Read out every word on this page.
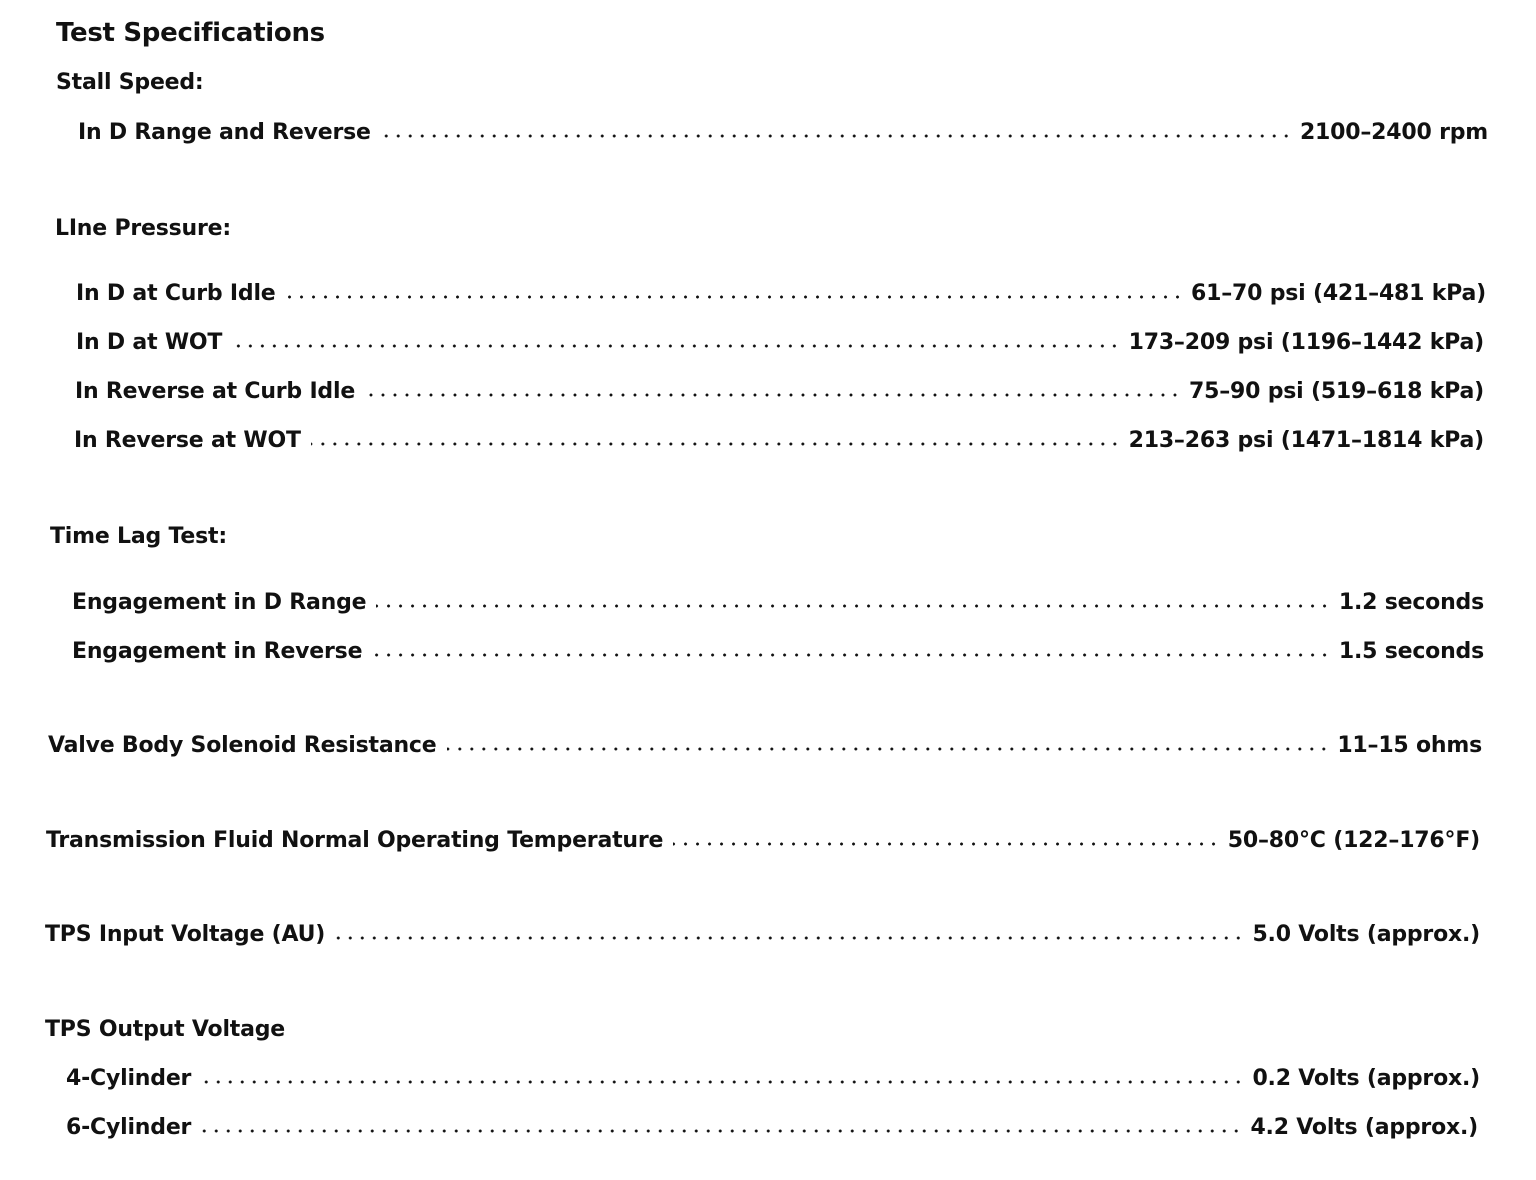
Test Specifications
Stall Speed:
In D Range and Reverse	2100–2400 rpm
LIne Pressure:
In D at Curb Idle	61–70 psi (421–481 kPa)
In D at WOT	173–209 psi (1196–1442 kPa)
In Reverse at Curb Idle	75–90 psi (519–618 kPa)
In Reverse at WOT	213–263 psi (1471–1814 kPa)
Time Lag Test:
Engagement in D Range	1.2 seconds
Engagement in Reverse	1.5 seconds
Valve Body Solenoid Resistance	11–15 ohms
Transmission Fluid Normal Operating Temperature	50–80°C (122–176°F)
TPS Input Voltage (AU)	5.0 Volts (approx.)
TPS Output Voltage
4-Cylinder	0.2 Volts (approx.)
6-Cylinder	4.2 Volts (approx.)
